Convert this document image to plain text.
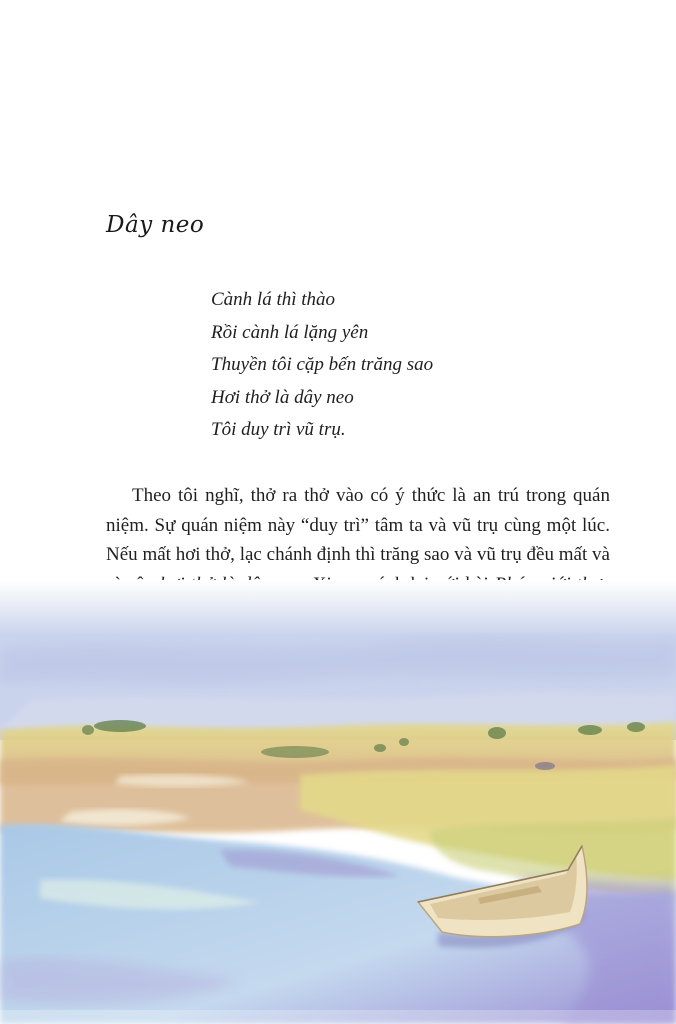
Dây neo
Cành lá thì thào
Rồi cành lá lặng yên
Thuyền tôi cặp bến trăng sao
Hơi thở là dây neo
Tôi duy trì vũ trụ.

Theo tôi nghĩ, thở ra thở vào có ý thức là an trú trong quán niệm. Sự quán niệm này “duy trì” tâm ta và vũ trụ cùng một lúc. Nếu mất hơi thở, lạc chánh định thì trăng sao và vũ trụ đều mất và
